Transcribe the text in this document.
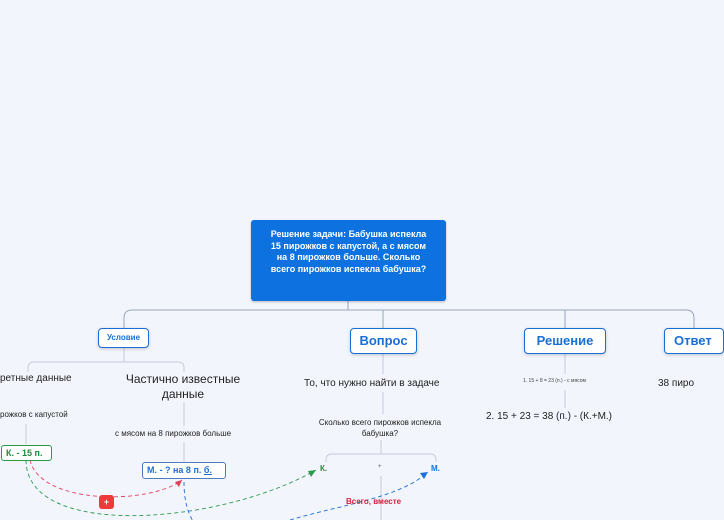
Решение задачи: Бабушка испекла 15 пирожков с капустой, а с мясом на 8 пирожков больше. Сколько всего пирожков испекла бабушка?
Условие	Вопрос	Решение	Ответ
ретные данные
рожков с капустой
К. - 15 п.
Частично известные данные
с мясом на 8 пирожков больше
М. - ? на 8 п. б.
+
То, что нужно найти в задаче
Сколько всего пирожков испекла бабушка?
К.	+	М.
Всего, вместе
1. 15 + 8 = 23 (п.) - с мясом
2. 15 + 23 = 38 (п.) - (К.+М.)
38 пиро
